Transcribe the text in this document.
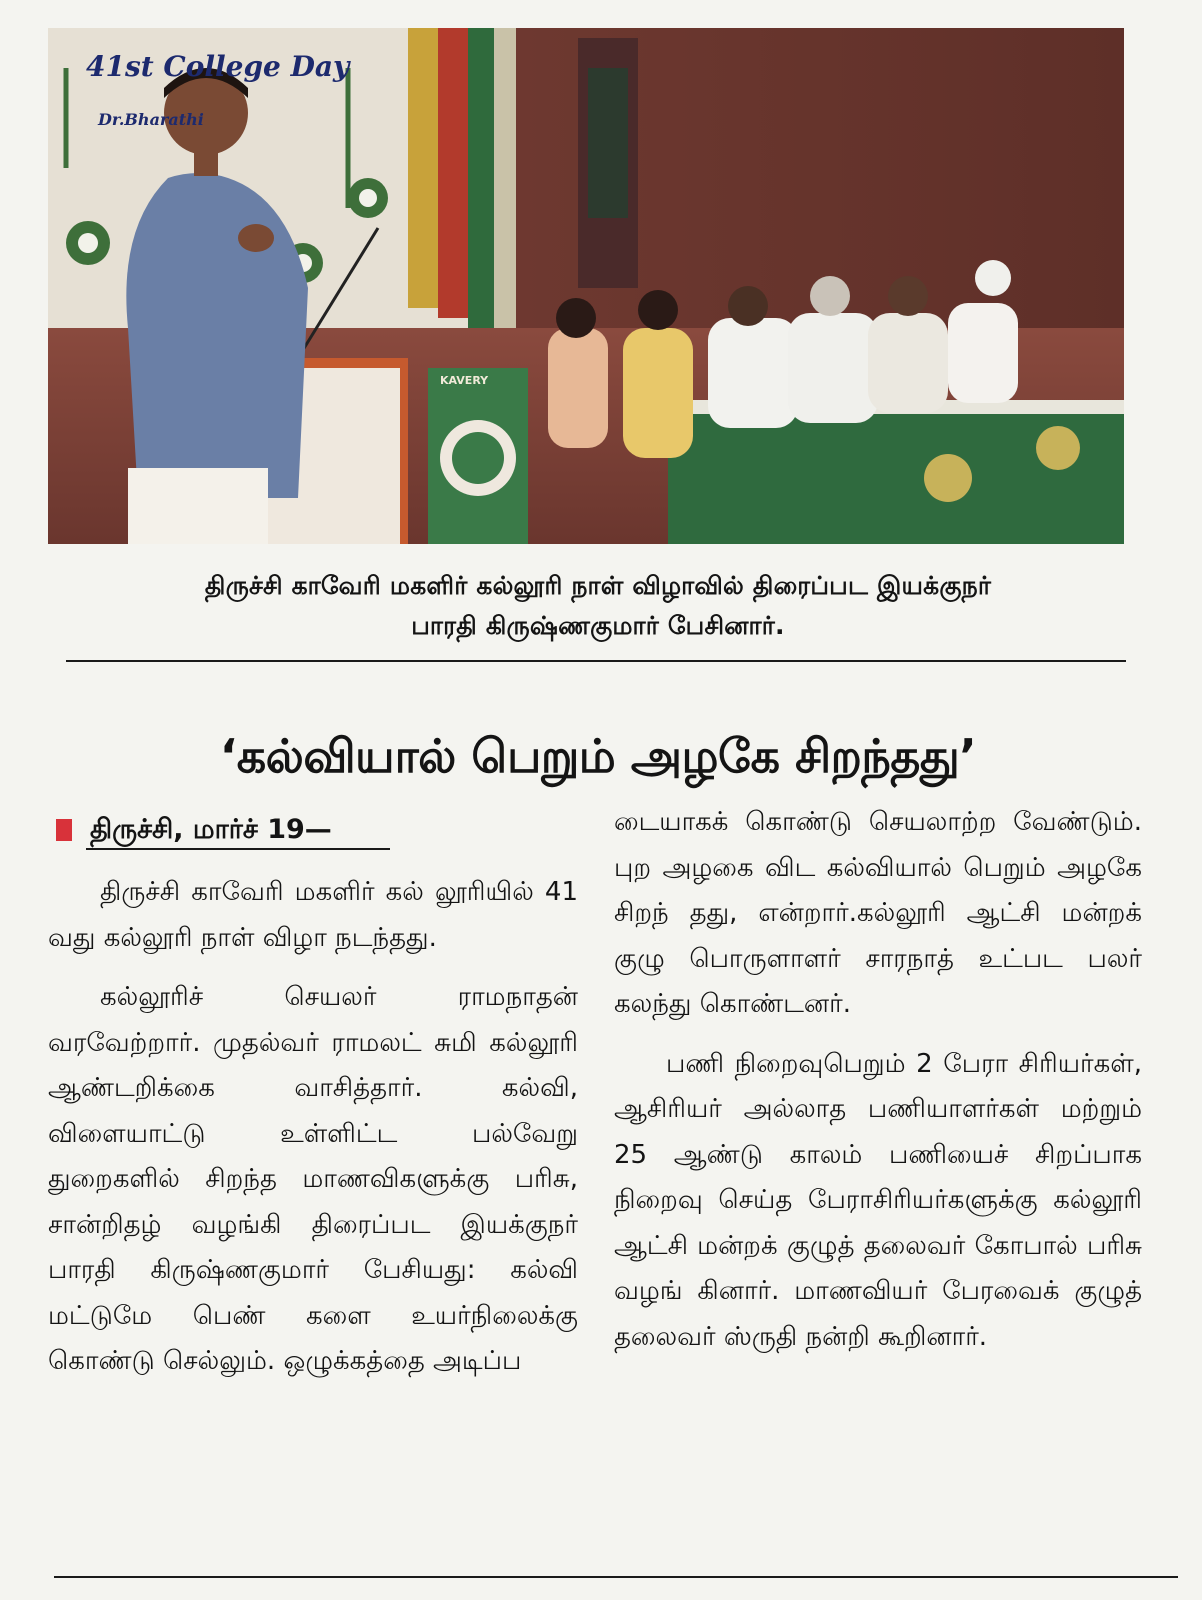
41st College Day
Dr.Bharathi
KAVERY
திருச்சி காவேரி மகளிர் கல்லூரி நாள் விழாவில் திரைப்பட இயக்குநர்
பாரதி கிருஷ்ணகுமார் பேசினார்.
‘கல்வியால் பெறும் அழகே சிறந்தது’
திருச்சி, மார்ச் 19—

திருச்சி காவேரி மகளிர் கல் லூரியில் 41 வது கல்லூரி நாள் விழா நடந்தது.

கல்லூரிச் செயலர் ராமநாதன் வரவேற்றார். முதல்வர் ராமலட் சுமி கல்லூரி ஆண்டறிக்கை வாசித்தார். கல்வி, விளையாட்டு உள்ளிட்ட பல்வேறு துறைகளில் சிறந்த மாணவிகளுக்கு பரிசு, சான்றிதழ் வழங்கி திரைப்பட இயக்குநர் பாரதி கிருஷ்ணகுமார் பேசியது: கல்வி மட்டுமே பெண் களை உயர்நிலைக்கு கொண்டு செல்லும். ஒழுக்கத்தை அடிப்ப

டையாகக் கொண்டு செயலாற்ற வேண்டும். புற அழகை விட கல்வியால் பெறும் அழகே சிறந் தது, என்றார்.கல்லூரி ஆட்சி மன்றக் குழு பொருளாளர் சாரநாத் உட்பட பலர் கலந்து கொண்டனர்.

பணி நிறைவுபெறும் 2 பேரா சிரியர்கள், ஆசிரியர் அல்லாத பணியாளர்கள் மற்றும் 25 ஆண்டு காலம் பணியைச் சிறப்பாக நிறைவு செய்த பேராசிரியர்களுக்கு கல்லூரி ஆட்சி மன்றக் குழுத் தலைவர் கோபால் பரிசு வழங் கினார். மாணவியர் பேரவைக் குழுத் தலைவர் ஸ்ருதி நன்றி கூறினார்.
